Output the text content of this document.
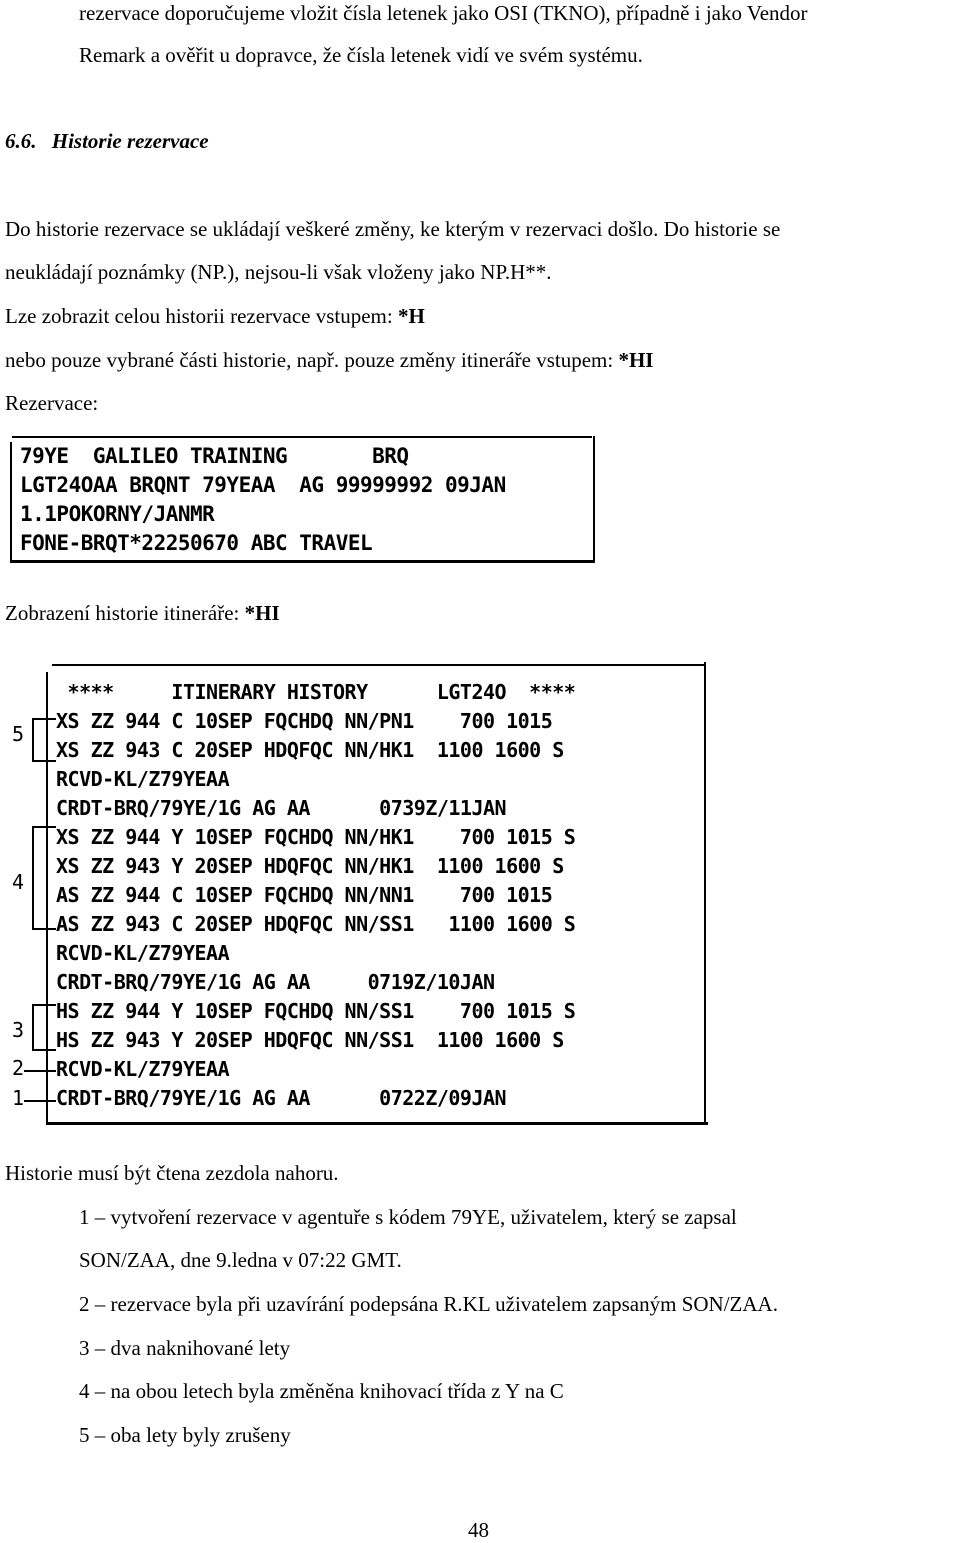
rezervace doporučujeme vložit čísla letenek jako OSI (TKNO), případně i jako Vendor
Remark a ověřit u dopravce, že čísla letenek vidí ve svém systému.
6.6. Historie rezervace
Do historie rezervace se ukládají veškeré změny, ke kterým v rezervaci došlo. Do historie se
neukládají poznámky (NP.), nejsou-li však vloženy jako NP.H**.
Lze zobrazit celou historii rezervace vstupem: *H
nebo pouze vybrané části historie, např. pouze změny itineráře vstupem: *HI
Rezervace:
79YE  GALILEO TRAINING       BRQ
LGT24OAA BRQNT 79YEAA  AG 99999992 09JAN
1.1POKORNY/JANMR
FONE-BRQT*22250670 ABC TRAVEL
Zobrazení historie itineráře: *HI
****     ITINERARY HISTORY      LGT24O  ****
XS ZZ 944 C 10SEP FQCHDQ NN/PN1    700 1015
XS ZZ 943 C 20SEP HDQFQC NN/HK1  1100 1600 S
RCVD-KL/Z79YEAA
CRDT-BRQ/79YE/1G AG AA      0739Z/11JAN
XS ZZ 944 Y 10SEP FQCHDQ NN/HK1    700 1015 S
XS ZZ 943 Y 20SEP HDQFQC NN/HK1  1100 1600 S
AS ZZ 944 C 10SEP FQCHDQ NN/NN1    700 1015
AS ZZ 943 C 20SEP HDQFQC NN/SS1   1100 1600 S
RCVD-KL/Z79YEAA
CRDT-BRQ/79YE/1G AG AA     0719Z/10JAN
HS ZZ 944 Y 10SEP FQCHDQ NN/SS1    700 1015 S
HS ZZ 943 Y 20SEP HDQFQC NN/SS1  1100 1600 S
RCVD-KL/Z79YEAA
CRDT-BRQ/79YE/1G AG AA      0722Z/09JAN
5
4
3
2
1
Historie musí být čtena zezdola nahoru.
1 – vytvoření rezervace v agentuře s kódem 79YE, uživatelem, který se zapsal
SON/ZAA, dne 9.ledna v 07:22 GMT.
2 – rezervace byla při uzavírání podepsána R.KL uživatelem zapsaným SON/ZAA.
3 – dva naknihované lety
4 – na obou letech byla změněna knihovací třída z Y na C
5 – oba lety byly zrušeny
48
